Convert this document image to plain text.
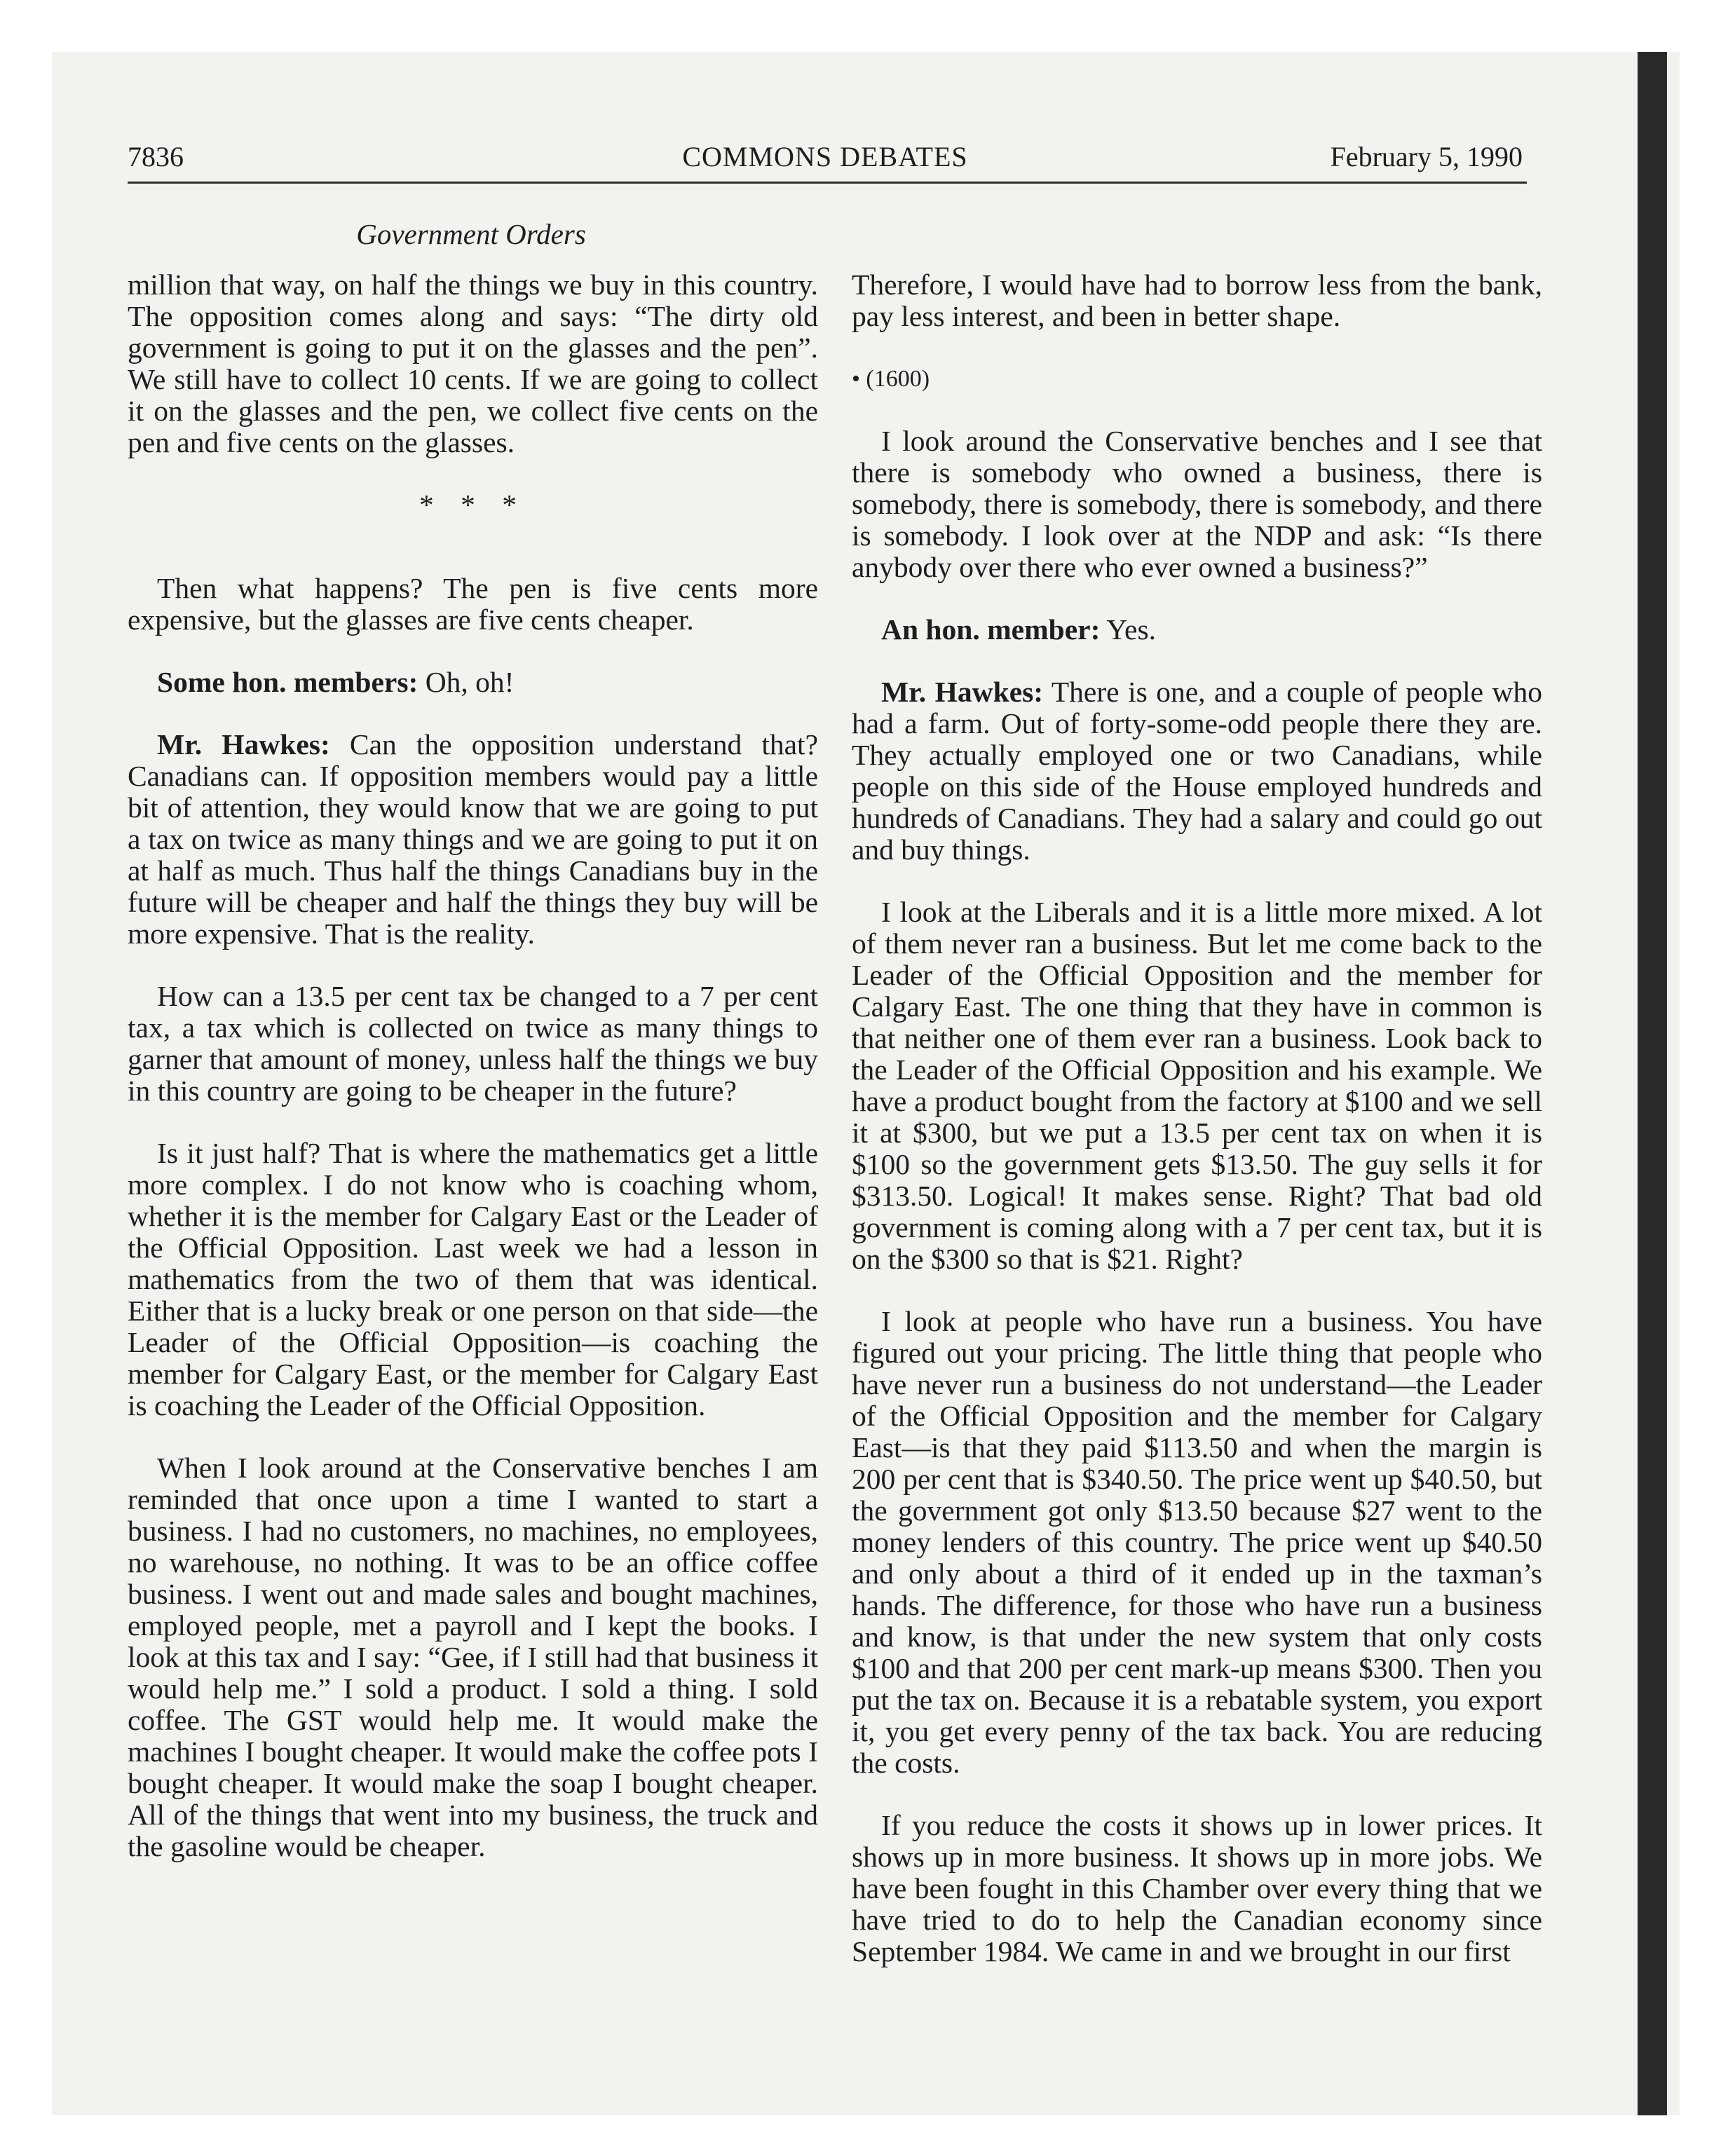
7836	COMMONS DEBATES	February 5, 1990
Government Orders

million that way, on half the things we buy in this country. The opposition comes along and says: “The dirty old government is going to put it on the glasses and the pen”. We still have to collect 10 cents. If we are going to collect it on the glasses and the pen, we collect five cents on the pen and five cents on the glasses.

* * *

Then what happens? The pen is five cents more expensive, but the glasses are five cents cheaper.

Some hon. members: Oh, oh!

Mr. Hawkes: Can the opposition understand that? Canadians can. If opposition members would pay a little bit of attention, they would know that we are going to put a tax on twice as many things and we are going to put it on at half as much. Thus half the things Canadians buy in the future will be cheaper and half the things they buy will be more expensive. That is the reality.

How can a 13.5 per cent tax be changed to a 7 per cent tax, a tax which is collected on twice as many things to garner that amount of money, unless half the things we buy in this country are going to be cheaper in the future?

Is it just half? That is where the mathematics get a little more complex. I do not know who is coaching whom, whether it is the member for Calgary East or the Leader of the Official Opposition. Last week we had a lesson in mathematics from the two of them that was identical. Either that is a lucky break or one person on that side—the Leader of the Official Opposition—is coaching the member for Calgary East, or the member for Calgary East is coaching the Leader of the Official Opposition.

When I look around at the Conservative benches I am reminded that once upon a time I wanted to start a business. I had no customers, no machines, no employees, no warehouse, no nothing. It was to be an office coffee business. I went out and made sales and bought machines, employed people, met a payroll and I kept the books. I look at this tax and I say: “Gee, if I still had that business it would help me.” I sold a product. I sold a thing. I sold coffee. The GST would help me. It would make the machines I bought cheaper. It would make the coffee pots I bought cheaper. It would make the soap I bought cheaper. All of the things that went into my business, the truck and the gasoline would be cheaper.

Therefore, I would have had to borrow less from the bank, pay less interest, and been in better shape.

• (1600)

I look around the Conservative benches and I see that there is somebody who owned a business, there is somebody, there is somebody, there is somebody, and there is somebody. I look over at the NDP and ask: “Is there anybody over there who ever owned a business?”

An hon. member: Yes.

Mr. Hawkes: There is one, and a couple of people who had a farm. Out of forty-some-odd people there they are. They actually employed one or two Canadians, while people on this side of the House employed hundreds and hundreds of Canadians. They had a salary and could go out and buy things.

I look at the Liberals and it is a little more mixed. A lot of them never ran a business. But let me come back to the Leader of the Official Opposition and the member for Calgary East. The one thing that they have in common is that neither one of them ever ran a business. Look back to the Leader of the Official Opposition and his example. We have a product bought from the factory at $100 and we sell it at $300, but we put a 13.5 per cent tax on when it is $100 so the government gets $13.50. The guy sells it for $313.50. Logical! It makes sense. Right? That bad old government is coming along with a 7 per cent tax, but it is on the $300 so that is $21. Right?

I look at people who have run a business. You have figured out your pricing. The little thing that people who have never run a business do not understand—the Leader of the Official Opposition and the member for Calgary East—is that they paid $113.50 and when the margin is 200 per cent that is $340.50. The price went up $40.50, but the government got only $13.50 because $27 went to the money lenders of this country. The price went up $40.50 and only about a third of it ended up in the taxman’s hands. The difference, for those who have run a business and know, is that under the new system that only costs $100 and that 200 per cent mark-up means $300. Then you put the tax on. Because it is a rebatable system, you export it, you get every penny of the tax back. You are reducing the costs.

If you reduce the costs it shows up in lower prices. It shows up in more business. It shows up in more jobs. We have been fought in this Chamber over every thing that we have tried to do to help the Canadian economy since September 1984. We came in and we brought in our first
